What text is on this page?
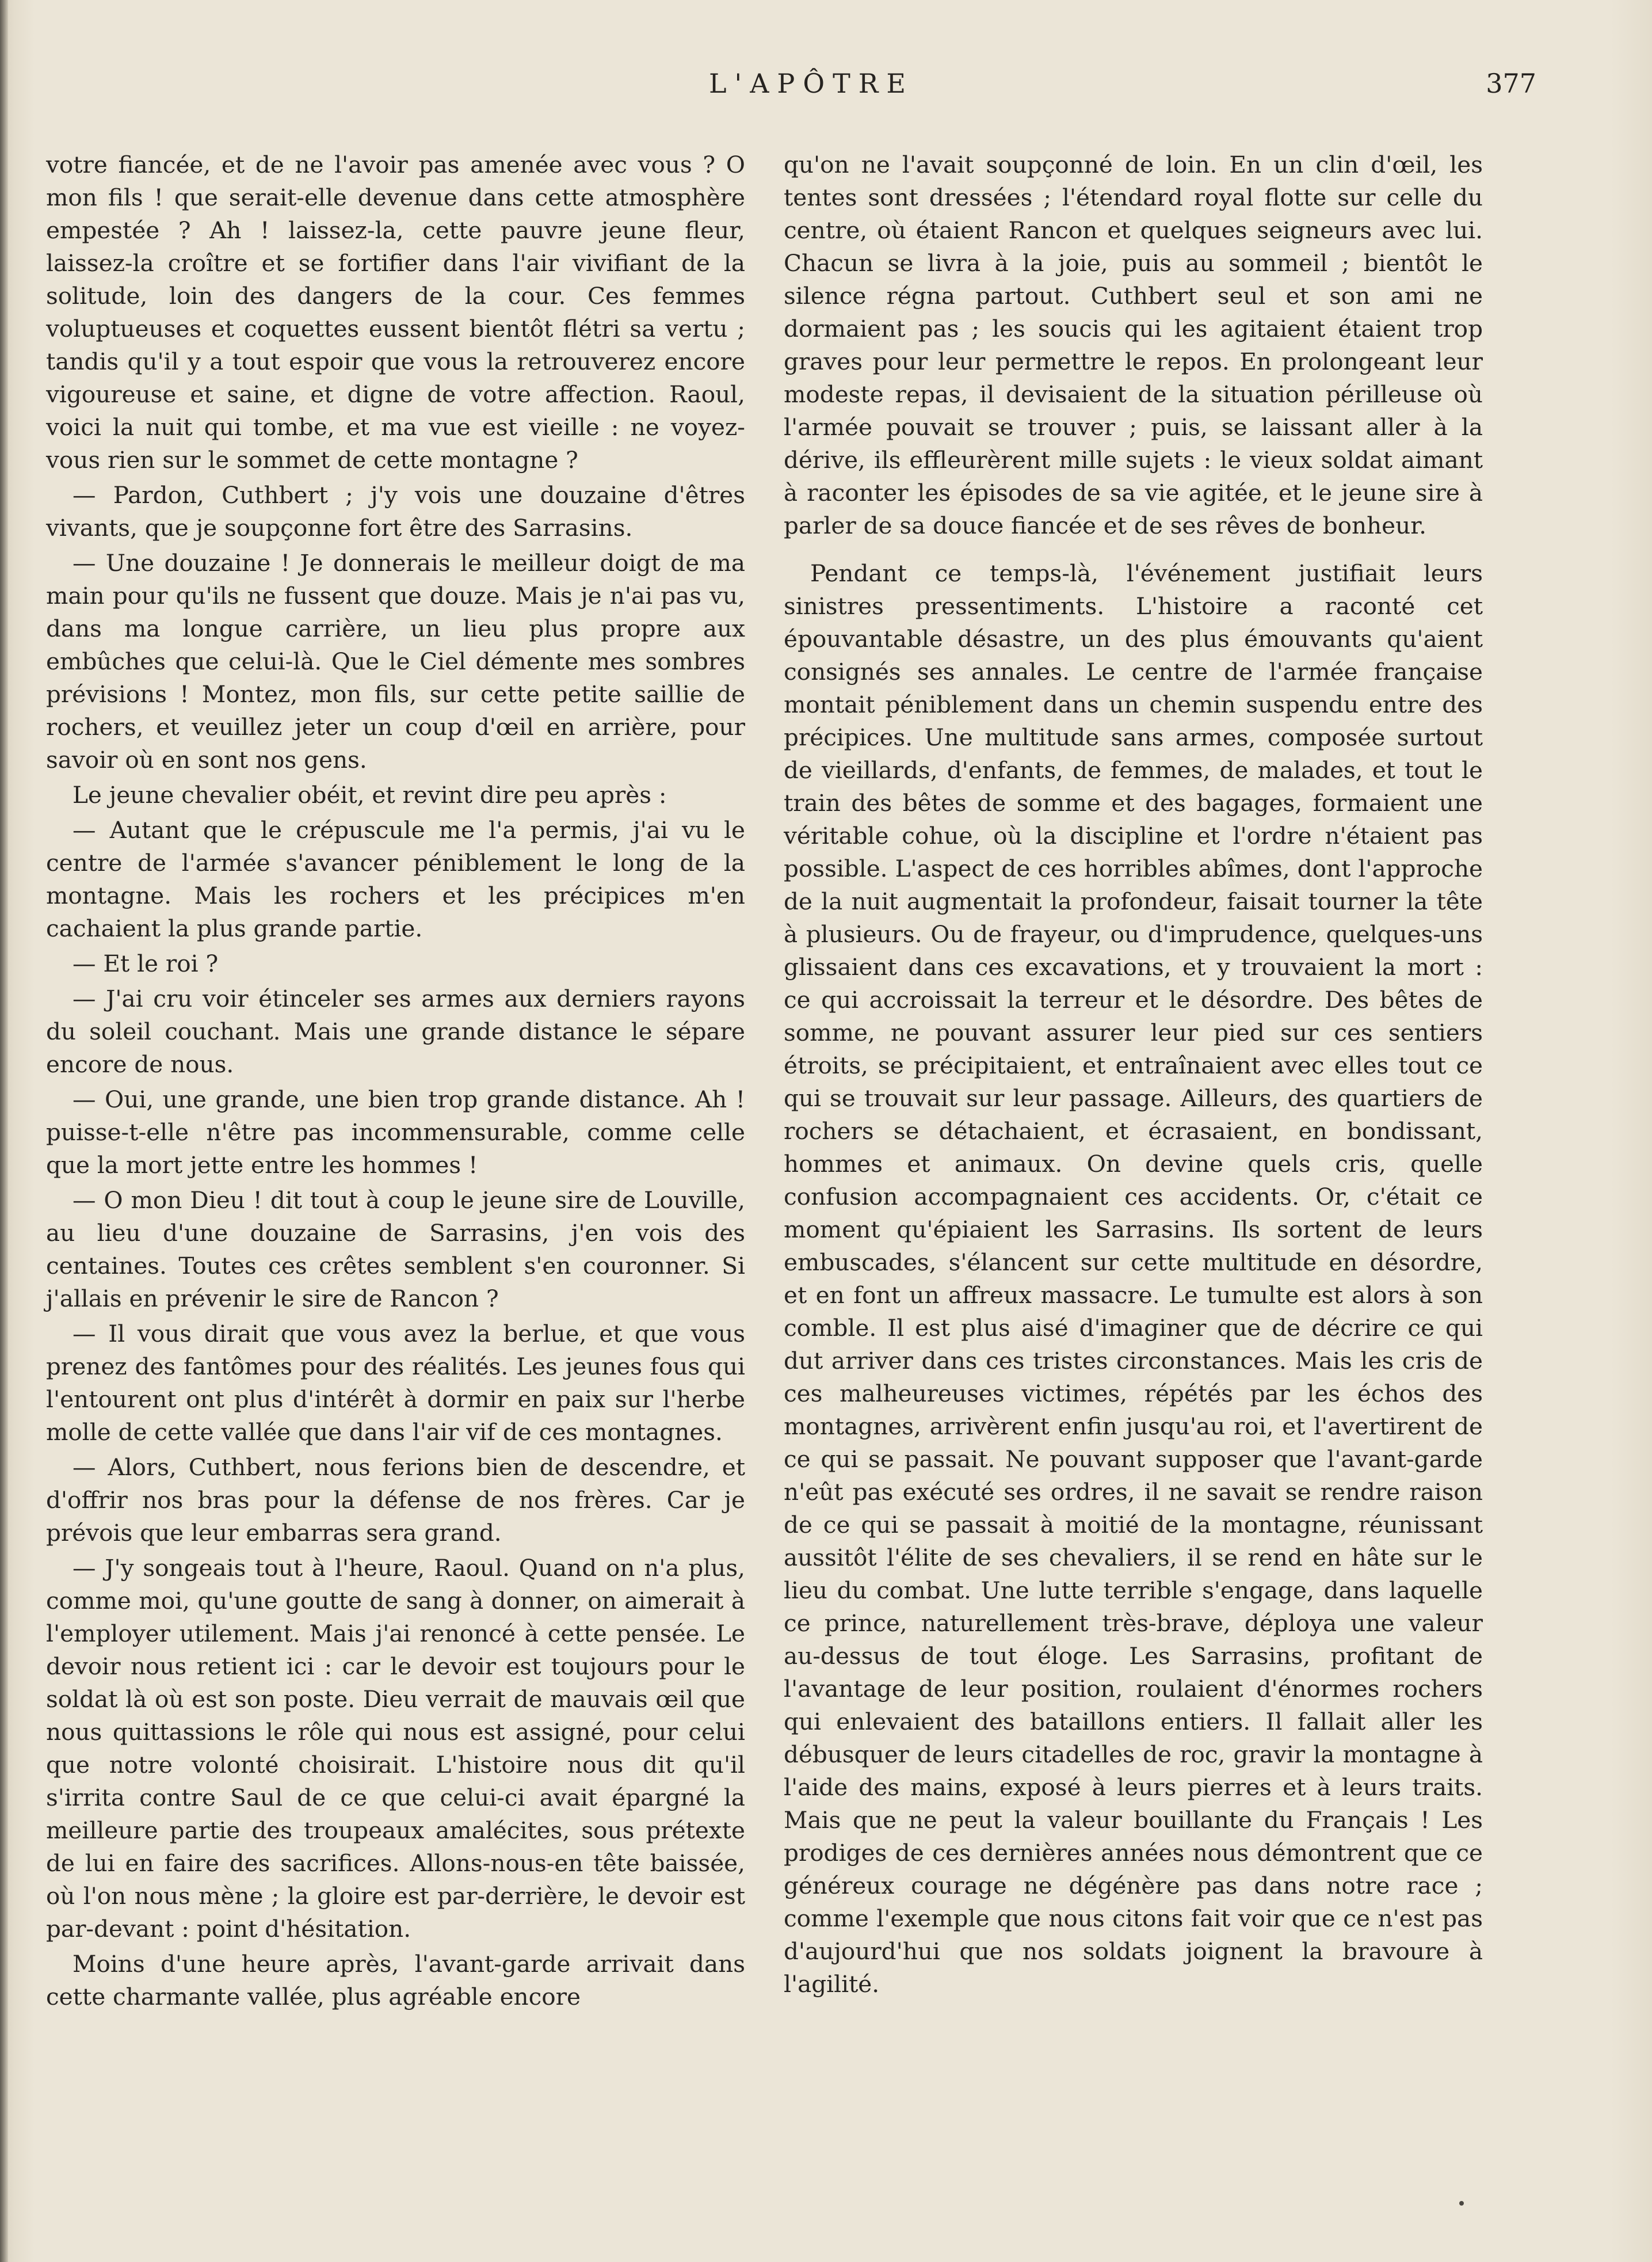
L'APÔTRE	377

votre fiancée, et de ne l'avoir pas amenée avec vous ? O mon fils ! que serait-elle devenue dans cette atmosphère empestée ? Ah ! laissez-la, cette pauvre jeune fleur, laissez-la croître et se fortifier dans l'air vivifiant de la solitude, loin des dangers de la cour. Ces femmes voluptueuses et coquettes eussent bientôt flétri sa vertu ; tandis qu'il y a tout espoir que vous la retrouverez encore vigoureuse et saine, et digne de votre affection. Raoul, voici la nuit qui tombe, et ma vue est vieille : ne voyez-vous rien sur le sommet de cette montagne ?

— Pardon, Cuthbert ; j'y vois une douzaine d'êtres vivants, que je soupçonne fort être des Sarrasins.

— Une douzaine ! Je donnerais le meilleur doigt de ma main pour qu'ils ne fussent que douze. Mais je n'ai pas vu, dans ma longue carrière, un lieu plus propre aux embûches que celui-là. Que le Ciel démente mes sombres prévisions ! Montez, mon fils, sur cette petite saillie de rochers, et veuillez jeter un coup d'œil en arrière, pour savoir où en sont nos gens.

Le jeune chevalier obéit, et revint dire peu après :

— Autant que le crépuscule me l'a permis, j'ai vu le centre de l'armée s'avancer péniblement le long de la montagne. Mais les rochers et les précipices m'en cachaient la plus grande partie.

— Et le roi ?

— J'ai cru voir étinceler ses armes aux derniers rayons du soleil couchant. Mais une grande distance le sépare encore de nous.

— Oui, une grande, une bien trop grande distance. Ah ! puisse-t-elle n'être pas incommensurable, comme celle que la mort jette entre les hommes !

— O mon Dieu ! dit tout à coup le jeune sire de Louville, au lieu d'une douzaine de Sarrasins, j'en vois des centaines. Toutes ces crêtes semblent s'en couronner. Si j'allais en prévenir le sire de Rancon ?

— Il vous dirait que vous avez la berlue, et que vous prenez des fantômes pour des réalités. Les jeunes fous qui l'entourent ont plus d'intérêt à dormir en paix sur l'herbe molle de cette vallée que dans l'air vif de ces montagnes.

— Alors, Cuthbert, nous ferions bien de descendre, et d'offrir nos bras pour la défense de nos frères. Car je prévois que leur embarras sera grand.

— J'y songeais tout à l'heure, Raoul. Quand on n'a plus, comme moi, qu'une goutte de sang à donner, on aimerait à l'employer utilement. Mais j'ai renoncé à cette pensée. Le devoir nous retient ici : car le devoir est toujours pour le soldat là où est son poste. Dieu verrait de mauvais œil que nous quittassions le rôle qui nous est assigné, pour celui que notre volonté choisirait. L'histoire nous dit qu'il s'irrita contre Saul de ce que celui-ci avait épargné la meilleure partie des troupeaux amalécites, sous prétexte de lui en faire des sacrifices. Allons-nous-en tête baissée, où l'on nous mène ; la gloire est par-derrière, le devoir est par-devant : point d'hésitation.

Moins d'une heure après, l'avant-garde arrivait dans cette charmante vallée, plus agréable encore

qu'on ne l'avait soupçonné de loin. En un clin d'œil, les tentes sont dressées ; l'étendard royal flotte sur celle du centre, où étaient Rancon et quelques seigneurs avec lui. Chacun se livra à la joie, puis au sommeil ; bientôt le silence régna partout. Cuthbert seul et son ami ne dormaient pas ; les soucis qui les agitaient étaient trop graves pour leur permettre le repos. En prolongeant leur modeste repas, il devisaient de la situation périlleuse où l'armée pouvait se trouver ; puis, se laissant aller à la dérive, ils effleurèrent mille sujets : le vieux soldat aimant à raconter les épisodes de sa vie agitée, et le jeune sire à parler de sa douce fiancée et de ses rêves de bonheur.

Pendant ce temps-là, l'événement justifiait leurs sinistres pressentiments. L'histoire a raconté cet épouvantable désastre, un des plus émouvants qu'aient consignés ses annales. Le centre de l'armée française montait péniblement dans un chemin suspendu entre des précipices. Une multitude sans armes, composée surtout de vieillards, d'enfants, de femmes, de malades, et tout le train des bêtes de somme et des bagages, formaient une véritable cohue, où la discipline et l'ordre n'étaient pas possible. L'aspect de ces horribles abîmes, dont l'approche de la nuit augmentait la profondeur, faisait tourner la tête à plusieurs. Ou de frayeur, ou d'imprudence, quelques-uns glissaient dans ces excavations, et y trouvaient la mort : ce qui accroissait la terreur et le désordre. Des bêtes de somme, ne pouvant assurer leur pied sur ces sentiers étroits, se précipitaient, et entraînaient avec elles tout ce qui se trouvait sur leur passage. Ailleurs, des quartiers de rochers se détachaient, et écrasaient, en bondissant, hommes et animaux. On devine quels cris, quelle confusion accompagnaient ces accidents. Or, c'était ce moment qu'épiaient les Sarrasins. Ils sortent de leurs embuscades, s'élancent sur cette multitude en désordre, et en font un affreux massacre. Le tumulte est alors à son comble. Il est plus aisé d'imaginer que de décrire ce qui dut arriver dans ces tristes circonstances. Mais les cris de ces malheureuses victimes, répétés par les échos des montagnes, arrivèrent enfin jusqu'au roi, et l'avertirent de ce qui se passait. Ne pouvant supposer que l'avant-garde n'eût pas exécuté ses ordres, il ne savait se rendre raison de ce qui se passait à moitié de la montagne, réunissant aussitôt l'élite de ses chevaliers, il se rend en hâte sur le lieu du combat. Une lutte terrible s'engage, dans laquelle ce prince, naturellement très-brave, déploya une valeur au-dessus de tout éloge. Les Sarrasins, profitant de l'avantage de leur position, roulaient d'énormes rochers qui enlevaient des bataillons entiers. Il fallait aller les débusquer de leurs citadelles de roc, gravir la montagne à l'aide des mains, exposé à leurs pierres et à leurs traits. Mais que ne peut la valeur bouillante du Français ! Les prodiges de ces dernières années nous démontrent que ce généreux courage ne dégénère pas dans notre race ; comme l'exemple que nous citons fait voir que ce n'est pas d'aujourd'hui que nos soldats joignent la bravoure à l'agilité.
